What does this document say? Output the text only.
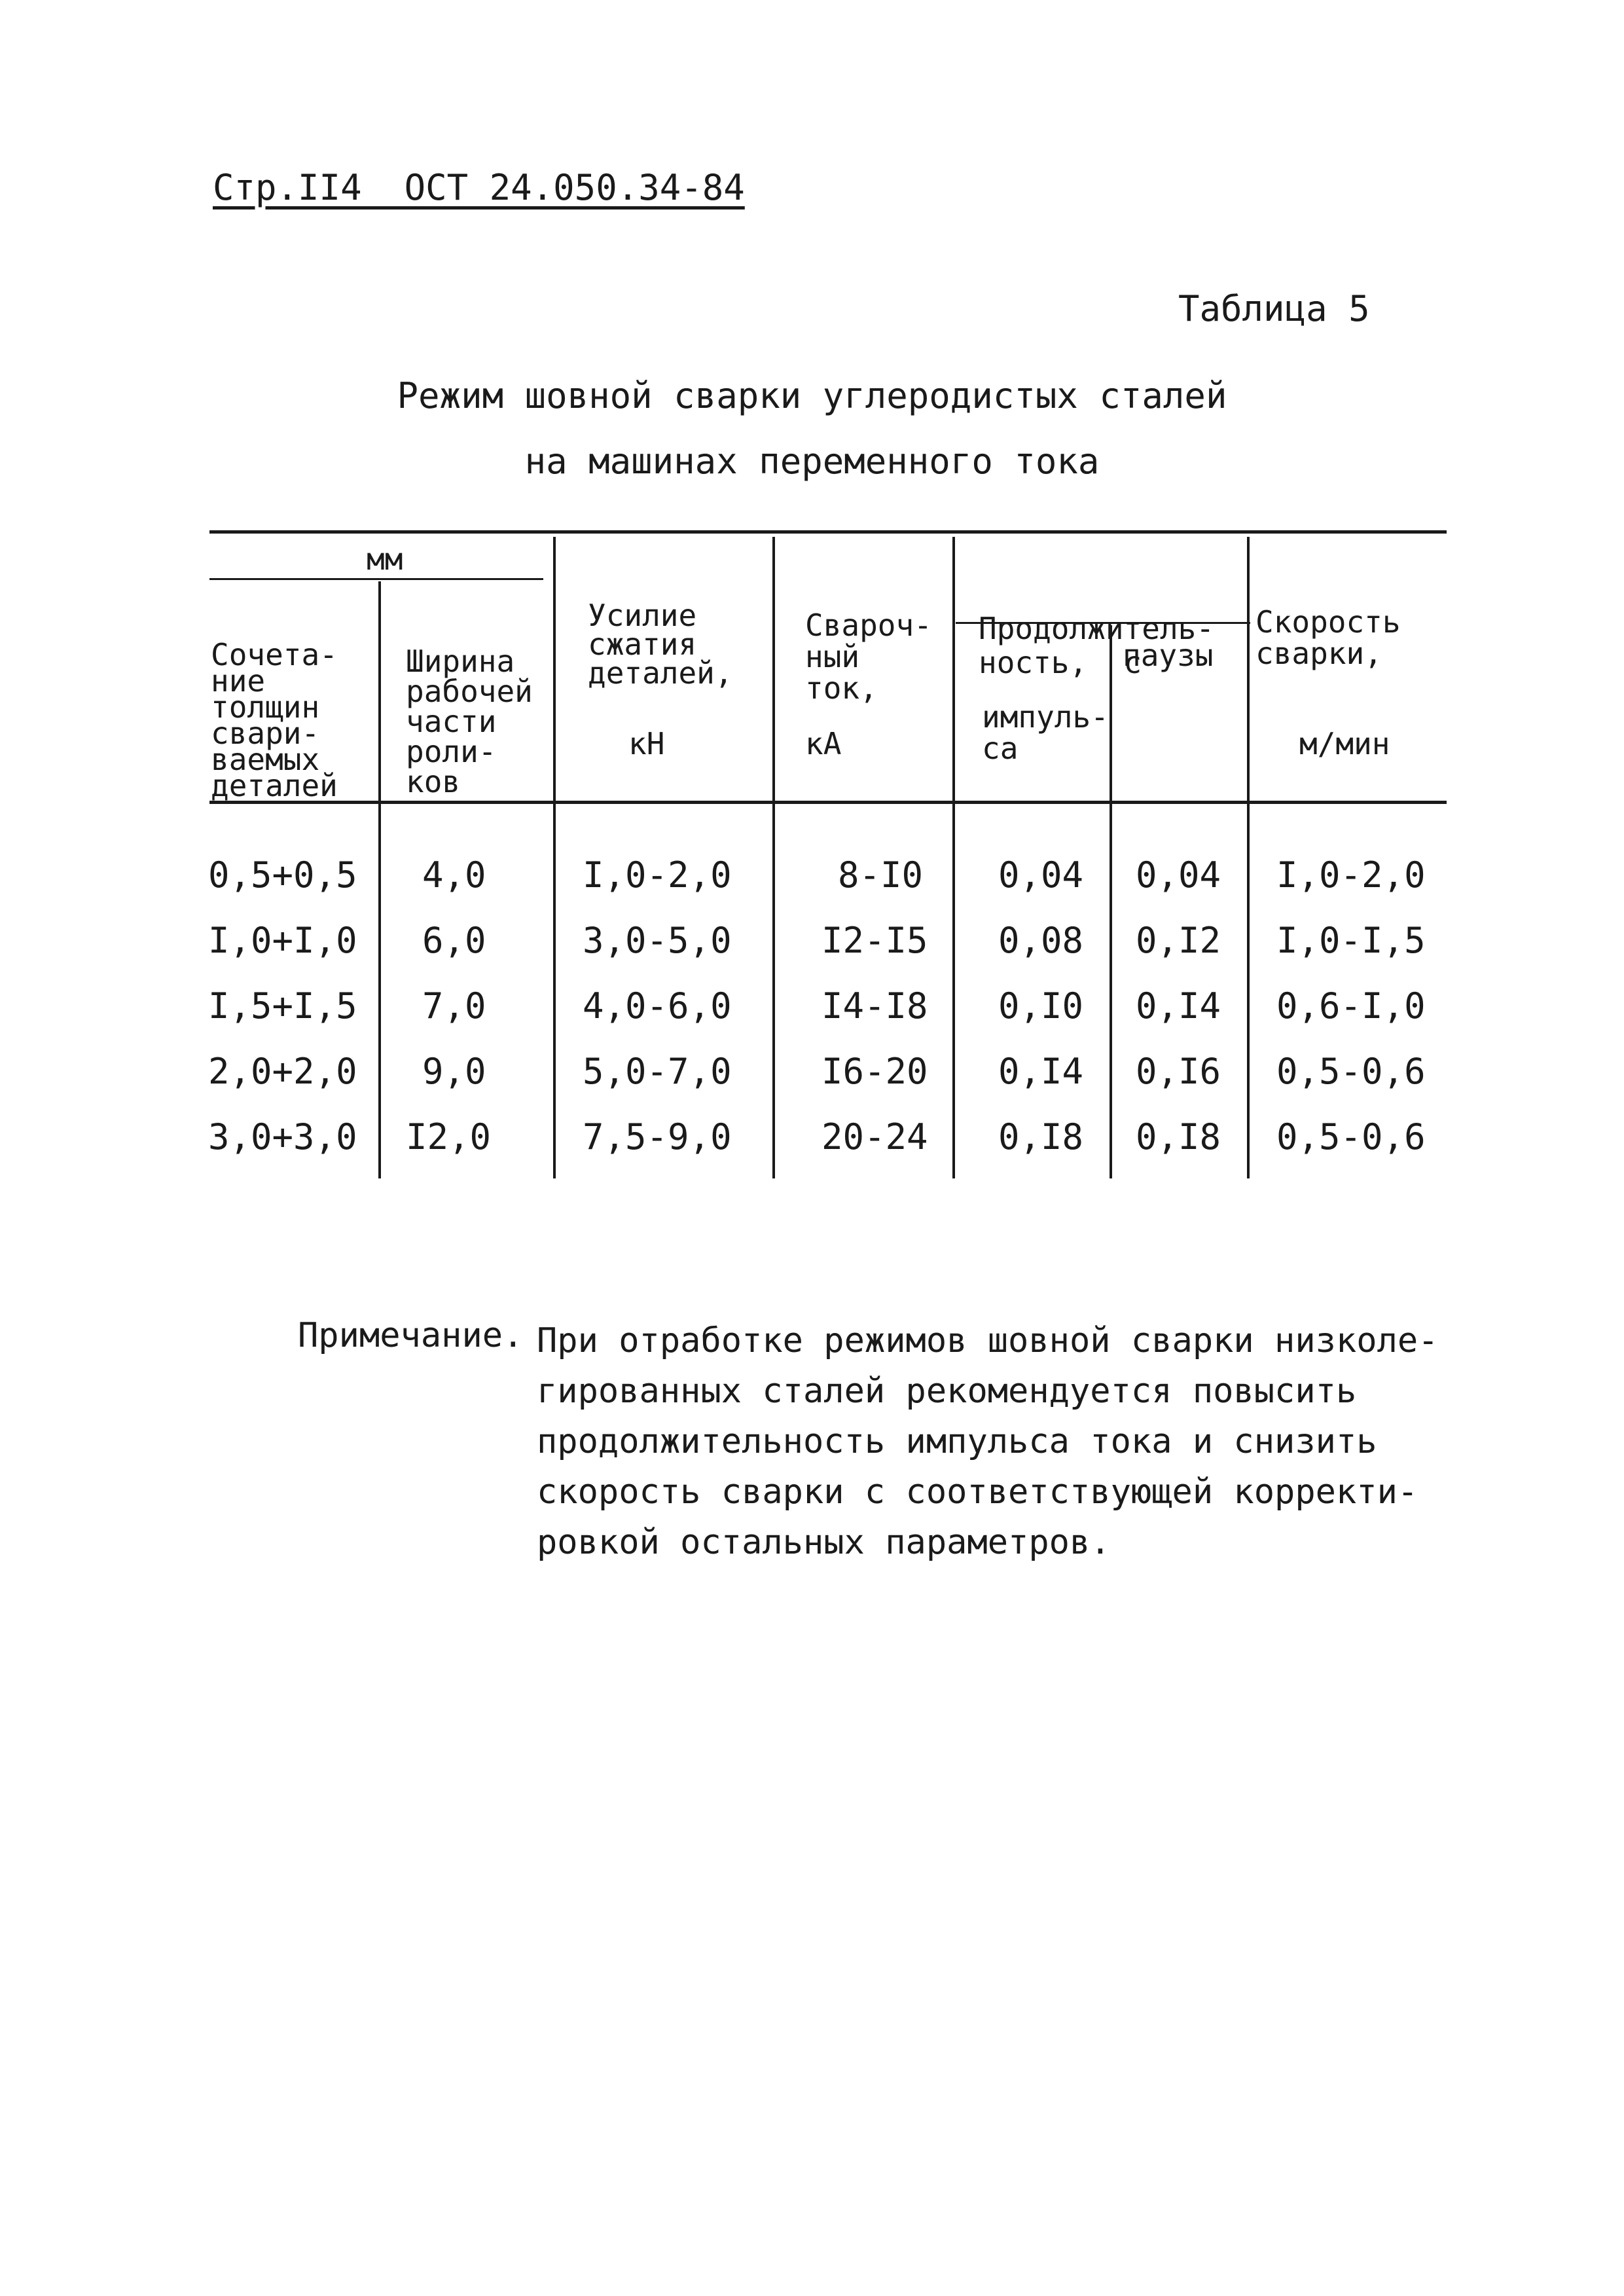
Стр.II4  ОСТ 24.050.34-84
Таблица 5
Режим шовной сварки углеродистых сталей
на машинах переменного тока
мм

Сочета-
ние
толщин
свари-
ваемых
деталей

Ширина
рабочей
части
роли-
ков

Усилие
сжатия
деталей,

кН

Свароч-
ный
ток,

кА

Продолжитель-
ность,  с

импуль-
са

паузы

Скорость
сварки,

м/мин
0,5+0,5 4,0	I,0-2,0	8-I0 0,04 0,04 I,0-2,0
I,0+I,0 6,0	3,0-5,0	I2-I5 0,08 0,I2 I,0-I,5
I,5+I,5 7,0	4,0-6,0	I4-I8 0,I0 0,I4 0,6-I,0
2,0+2,0 9,0	5,0-7,0	I6-20 0,I4 0,I6 0,5-0,6
3,0+3,0 I2,0	7,5-9,0	20-24 0,I8 0,I8 0,5-0,6
Примечание. При отработке режимов шовной сварки низколе-
гированных сталей рекомендуется повысить
продолжительность импульса тока и снизить
скорость сварки с соответствующей корректи-
ровкой остальных параметров.
